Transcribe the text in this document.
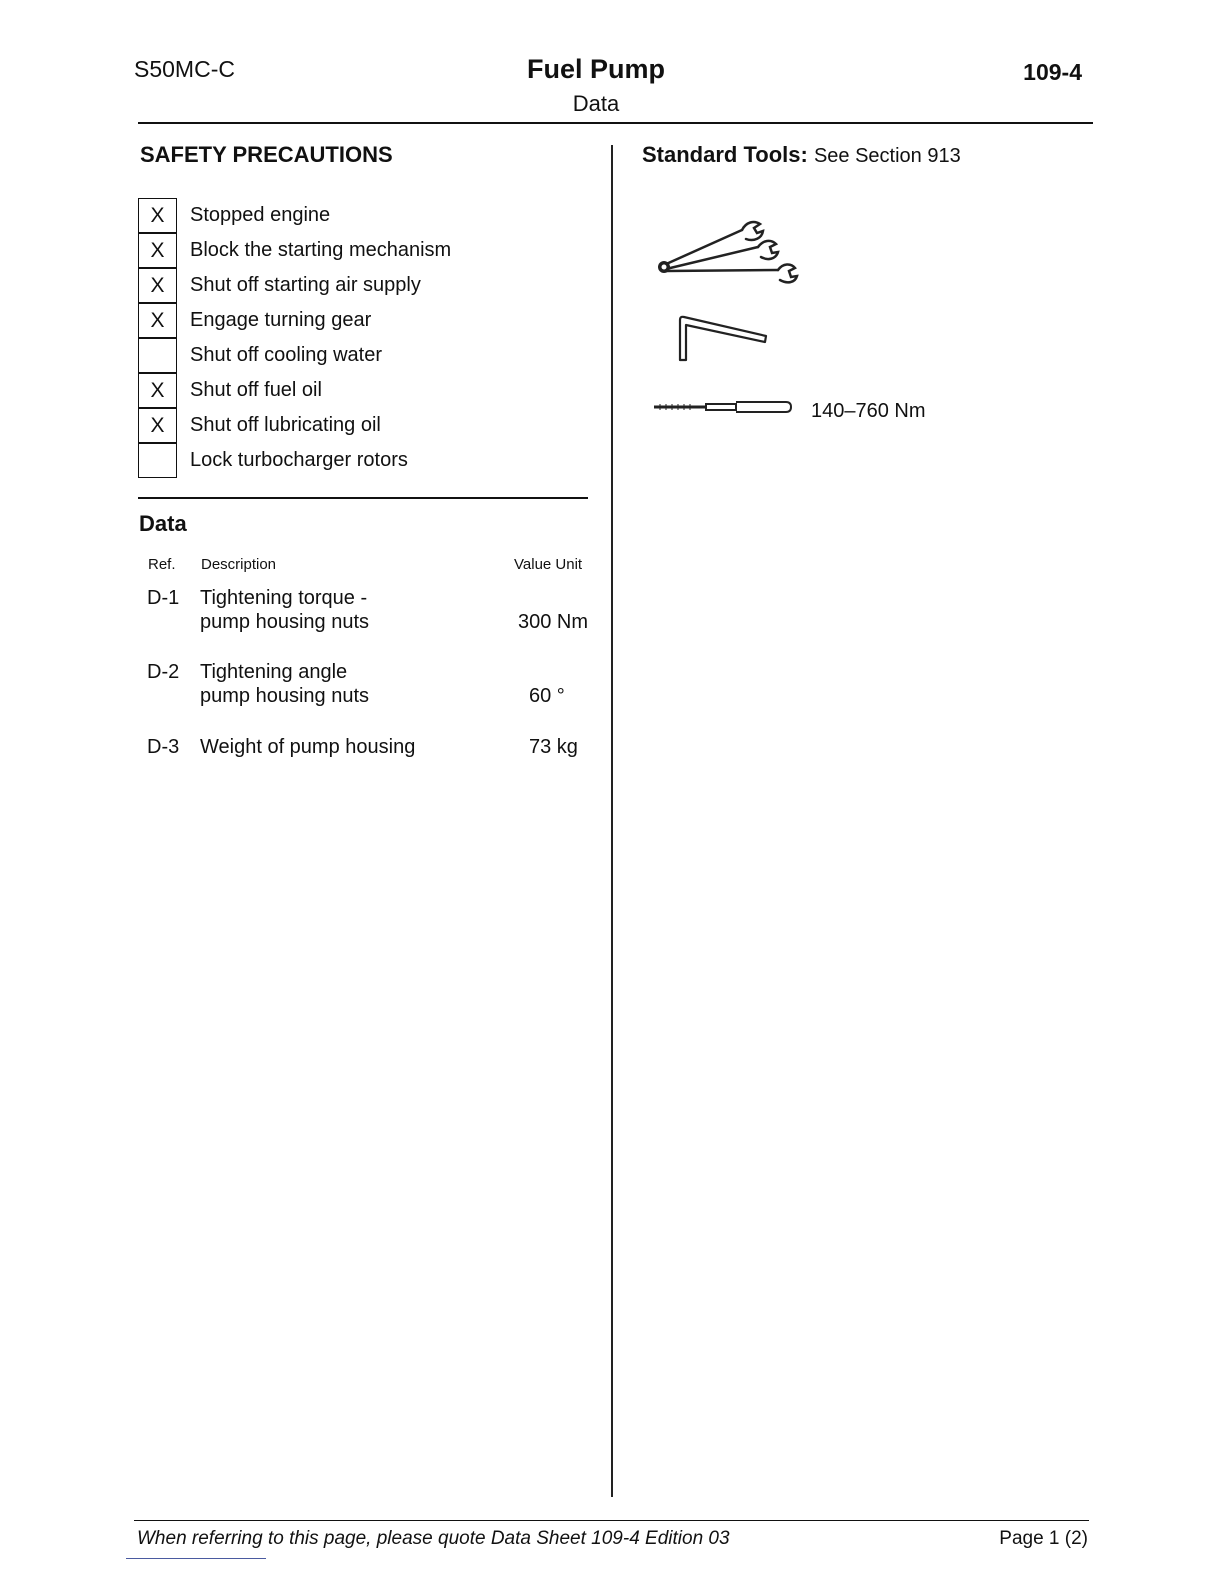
S50MC-C	Fuel Pump
Data
109-4
SAFETY PRECAUTIONS
X	Stopped engine
X	Block the starting mechanism
X	Shut off starting air supply
X	Engage turning gear
Shut off cooling water
X	Shut off fuel oil
X	Shut off lubricating oil
Lock turbocharger rotors
Data
Ref. Description	Value Unit
D-1 Tightening torque -
pump housing nuts	300 Nm
D-2 Tightening angle
pump housing nuts	60 °
D-3 Weight of pump housing	73 kg
Standard Tools: See Section 913
140–760 Nm
When referring to this page, please quote Data Sheet 109-4 Edition 03	Page 1 (2)
